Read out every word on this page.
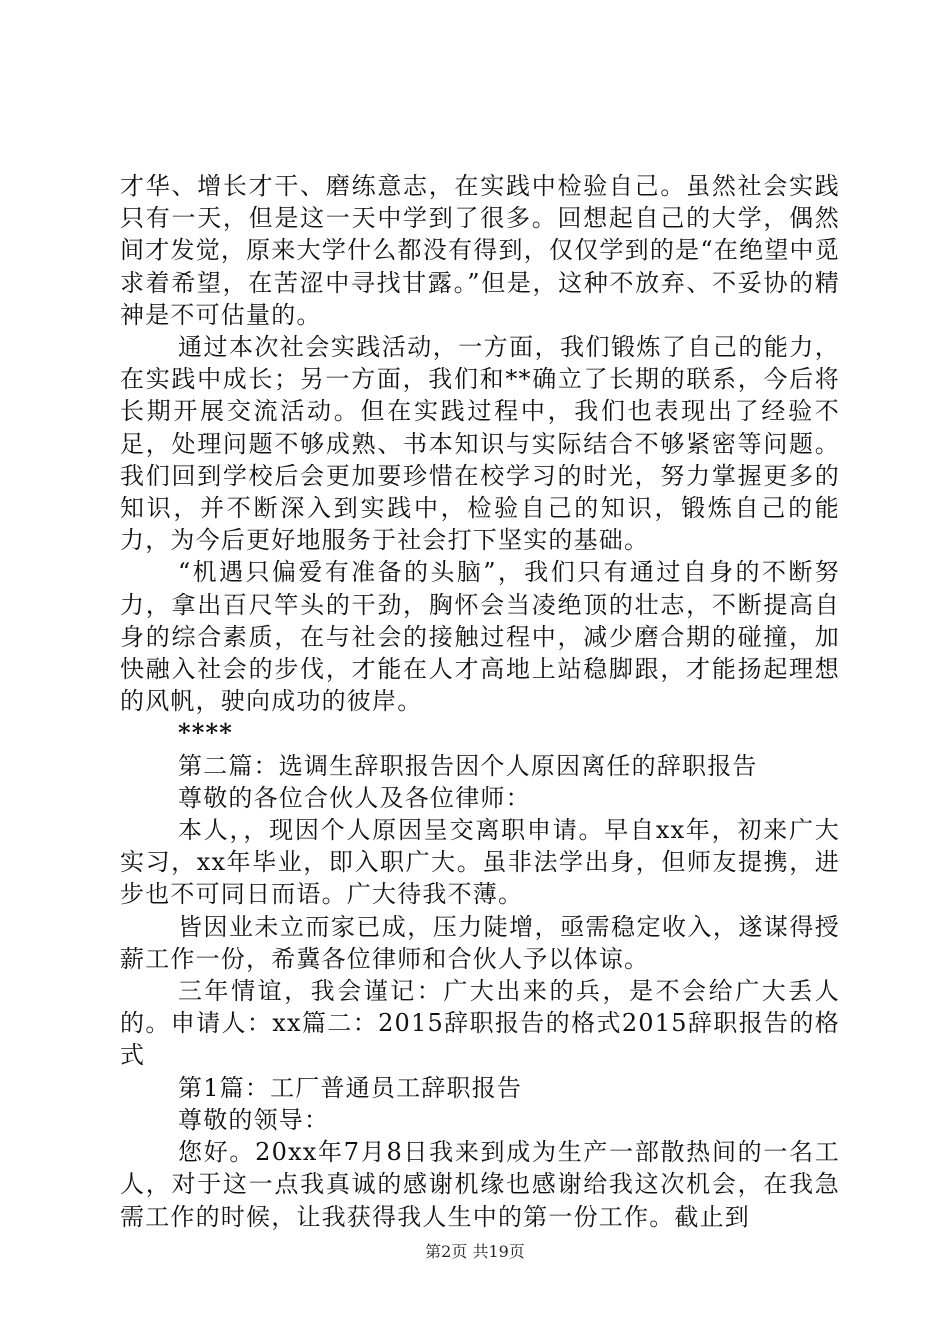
才华、增长才干、磨练意志，在实践中检验自己。虽然社会实践只有一天，但是这一天中学到了很多。回想起自己的大学，偶然间才发觉，原来大学什么都没有得到，仅仅学到的是“在绝望中觅求着希望，在苦涩中寻找甘露。”但是，这种不放弃、不妥协的精神是不可估量的。

通过本次社会实践活动，一方面，我们锻炼了自己的能力，在实践中成长；另一方面，我们和**确立了长期的联系，今后将长期开展交流活动。但在实践过程中，我们也表现出了经验不足，处理问题不够成熟、书本知识与实际结合不够紧密等问题。我们回到学校后会更加要珍惜在校学习的时光，努力掌握更多的知识，并不断深入到实践中，检验自己的知识，锻炼自己的能力，为今后更好地服务于社会打下坚实的基础。

“机遇只偏爱有准备的头脑”，我们只有通过自身的不断努力，拿出百尺竿头的干劲，胸怀会当凌绝顶的壮志，不断提高自身的综合素质，在与社会的接触过程中，减少磨合期的碰撞，加快融入社会的步伐，才能在人才高地上站稳脚跟，才能扬起理想的风帆，驶向成功的彼岸。

****

第二篇：选调生辞职报告因个人原因离任的辞职报告

尊敬的各位合伙人及各位律师：

本人，，现因个人原因呈交离职申请。早自xx年，初来广大实习，xx年毕业，即入职广大。虽非法学出身，但师友提携，进步也不可同日而语。广大待我不薄。

皆因业未立而家已成，压力陡增，亟需稳定收入，遂谋得授薪工作一份，希冀各位律师和合伙人予以体谅。

三年情谊，我会谨记：广大出来的兵，是不会给广大丢人的。申请人：xx篇二：2015辞职报告的格式2015辞职报告的格式

第1篇：工厂普通员工辞职报告

尊敬的领导：

您好。20xx年7月8日我来到成为生产一部散热间的一名工人，对于这一点我真诚的感谢机缘也感谢给我这次机会，在我急需工作的时候，让我获得我人生中的第一份工作。截止到

第2页 共19页
